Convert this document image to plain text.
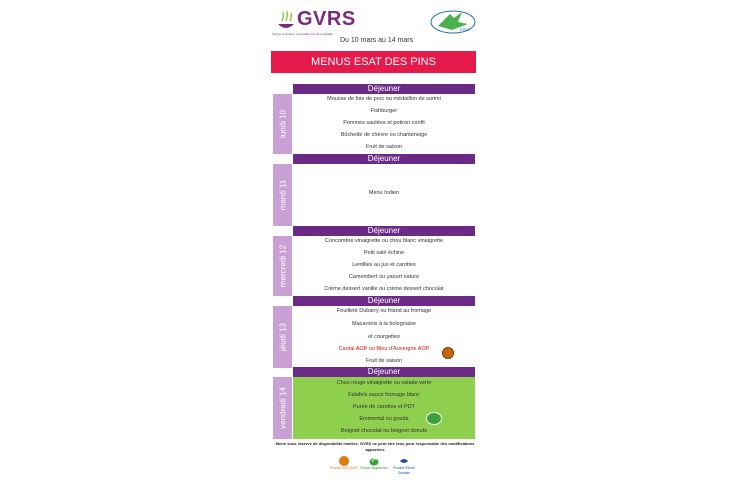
GVRS
Vos es cuisinées, nous fabricons de la qualité
ESAT
Du 10 mars au 14 mars
MENUS ESAT DES PINS
Déjeuner
lundi 10
Mousse de foie de porc ou médaillon de surimi
Fishburger
Pommes sautées et potiron confit
Bûchette de chèvre ou chanteneige
Fruit de saison
Déjeuner
mardi 11	Menu Indien
Déjeuner
mercredi 12
Concombre vinaigrette ou chou blanc vinaigrette
Petit salé échine
Lentilles au jus et carottes
Camembert ou yaourt nature
Crème dessert vanille ou crème dessert chocolat
Déjeuner
jeudi 13
Feuilleté Dubarry ou friand au fromage
Macaronis à la bolognaise
et courgettes
Cantal AOP ou Bleu d'Auvergne AOP
Fruit de saison
Déjeuner
vendredi 14
Chou rouge vinaigrette ou salade verte
Falafels sauce fromage blanc
Purée de carottes et PDT
Emmental ou gouda
Beignet chocolat ou beignet donuts
Menu sous réserve de disponibilité matière. GVRS ne peut être tenu pour responsable des modifications apportées
Produit AOC/AOP Repas végétarien	Produit Pêche Durable
